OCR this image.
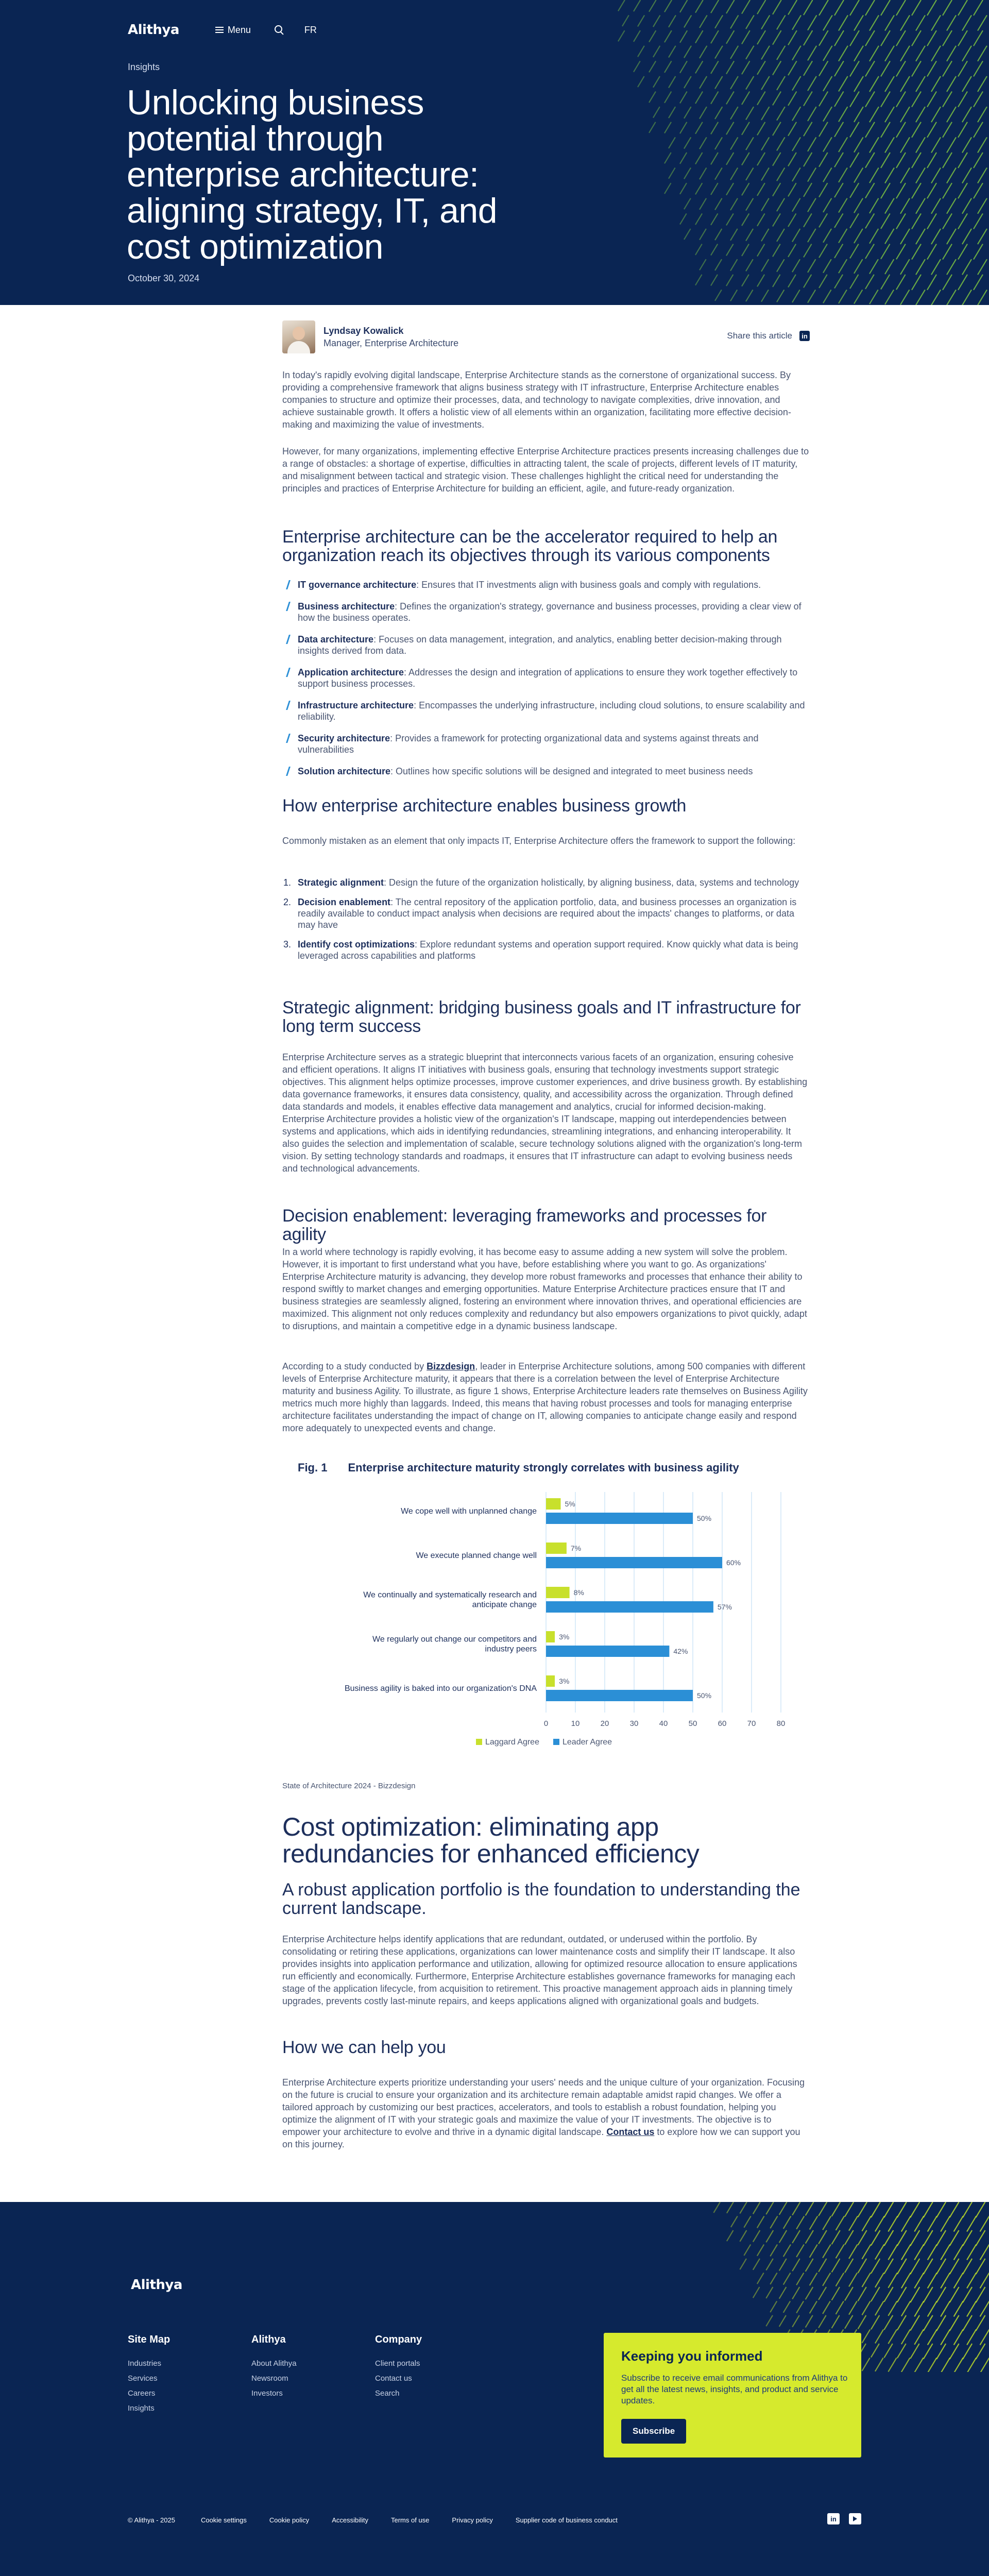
Alithya	Menu	FR
Insights
Unlocking business potential through enterprise architecture: aligning strategy, IT, and cost optimization
October 30, 2024
Lyndsay Kowalick
Manager, Enterprise Architecture
Share this article	in

In today's rapidly evolving digital landscape, Enterprise Architecture stands as the cornerstone of organizational success. By providing a comprehensive framework that aligns business strategy with IT infrastructure, Enterprise Architecture enables companies to structure and optimize their processes, data, and technology to navigate complexities, drive innovation, and achieve sustainable growth. It offers a holistic view of all elements within an organization, facilitating more effective decision-making and maximizing the value of investments.

However, for many organizations, implementing effective Enterprise Architecture practices presents increasing challenges due to a range of obstacles: a shortage of expertise, difficulties in attracting talent, the scale of projects, different levels of IT maturity, and misalignment between tactical and strategic vision. These challenges highlight the critical need for understanding the principles and practices of Enterprise Architecture for building an efficient, agile, and future-ready organization.

Enterprise architecture can be the accelerator required to help an organization reach its objectives through its various components
IT governance architecture: Ensures that IT investments align with business goals and comply with regulations.
Business architecture: Defines the organization's strategy, governance and business processes, providing a clear view of how the business operates.
Data architecture: Focuses on data management, integration, and analytics, enabling better decision-making through insights derived from data.
Application architecture: Addresses the design and integration of applications to ensure they work together effectively to support business processes.
Infrastructure architecture: Encompasses the underlying infrastructure, including cloud solutions, to ensure scalability and reliability.
Security architecture: Provides a framework for protecting organizational data and systems against threats and vulnerabilities
Solution architecture: Outlines how specific solutions will be designed and integrated to meet business needs
How enterprise architecture enables business growth

Commonly mistaken as an element that only impacts IT, Enterprise Architecture offers the framework to support the following:

1. Strategic alignment: Design the future of the organization holistically, by aligning business, data, systems and technology
2. Decision enablement: The central repository of the application portfolio, data, and business processes an organization is readily available to conduct impact analysis when decisions are required about the impacts' changes to platforms, or data may have
3. Identify cost optimizations: Explore redundant systems and operation support required. Know quickly what data is being leveraged across capabilities and platforms
Strategic alignment: bridging business goals and IT infrastructure for long term success

Enterprise Architecture serves as a strategic blueprint that interconnects various facets of an organization, ensuring cohesive and efficient operations. It aligns IT initiatives with business goals, ensuring that technology investments support strategic objectives. This alignment helps optimize processes, improve customer experiences, and drive business growth. By establishing data governance frameworks, it ensures data consistency, quality, and accessibility across the organization. Through defined data standards and models, it enables effective data management and analytics, crucial for informed decision-making. Enterprise Architecture provides a holistic view of the organization's IT landscape, mapping out interdependencies between systems and applications, which aids in identifying redundancies, streamlining integrations, and enhancing interoperability. It also guides the selection and implementation of scalable, secure technology solutions aligned with the organization's long-term vision. By setting technology standards and roadmaps, it ensures that IT infrastructure can adapt to evolving business needs and technological advancements.

Decision enablement: leveraging frameworks and processes for agility

In a world where technology is rapidly evolving, it has become easy to assume adding a new system will solve the problem. However, it is important to first understand what you have, before establishing where you want to go. As organizations' Enterprise Architecture maturity is advancing, they develop more robust frameworks and processes that enhance their ability to respond swiftly to market changes and emerging opportunities. Mature Enterprise Architecture practices ensure that IT and business strategies are seamlessly aligned, fostering an environment where innovation thrives, and operational efficiencies are maximized. This alignment not only reduces complexity and redundancy but also empowers organizations to pivot quickly, adapt to disruptions, and maintain a competitive edge in a dynamic business landscape.

According to a study conducted by Bizzdesign, leader in Enterprise Architecture solutions, among 500 companies with different levels of Enterprise Architecture maturity, it appears that there is a correlation between the level of Enterprise Architecture maturity and business Agility. To illustrate, as figure 1 shows, Enterprise Architecture leaders rate themselves on Business Agility metrics much more highly than laggards. Indeed, this means that having robust processes and tools for managing enterprise architecture facilitates understanding the impact of change on IT, allowing companies to anticipate change easily and respond more adequately to unexpected events and change.

Fig. 1 Enterprise architecture maturity strongly correlates with business agility
0	10	20	30	40	50	60	70	80
We cope well with unplanned change
5%
50%
We execute planned change well
7%
60%
We continually and systematically research and
anticipate change
8%
57%
We regularly out change our competitors and
industry peers
3%
42%
Business agility is baked into our organization's DNA
3%
50%
Laggard Agree	Leader Agree
State of Architecture 2024 - Bizzdesign
Cost optimization: eliminating app redundancies for enhanced efficiency
A robust application portfolio is the foundation to understanding the current landscape.

Enterprise Architecture helps identify applications that are redundant, outdated, or underused within the portfolio. By consolidating or retiring these applications, organizations can lower maintenance costs and simplify their IT landscape. It also provides insights into application performance and utilization, allowing for optimized resource allocation to ensure applications run efficiently and economically. Furthermore, Enterprise Architecture establishes governance frameworks for managing each stage of the application lifecycle, from acquisition to retirement. This proactive management approach aids in planning timely upgrades, prevents costly last-minute repairs, and keeps applications aligned with organizational goals and budgets.

How we can help you

Enterprise Architecture experts prioritize understanding your users' needs and the unique culture of your organization. Focusing on the future is crucial to ensure your organization and its architecture remain adaptable amidst rapid changes. We offer a tailored approach by customizing our best practices, accelerators, and tools to establish a robust foundation, helping you optimize the alignment of IT with your strategic goals and maximize the value of your IT investments. The objective is to empower your architecture to evolve and thrive in a dynamic digital landscape. Contact us to explore how we can support you on this journey.

Alithya
Site Map
Industries
Services
Careers
Insights
Alithya
About Alithya
Newsroom
Investors
Company
Client portals
Contact us
Search
Keeping you informed

Subscribe to receive email communications from Alithya to get all the latest news, insights, and product and service updates.

Subscribe
© Alithya - 2025	Cookie settings	Cookie policy	Accessibility	Terms of use	Privacy policy	Supplier code of business conduct	in
